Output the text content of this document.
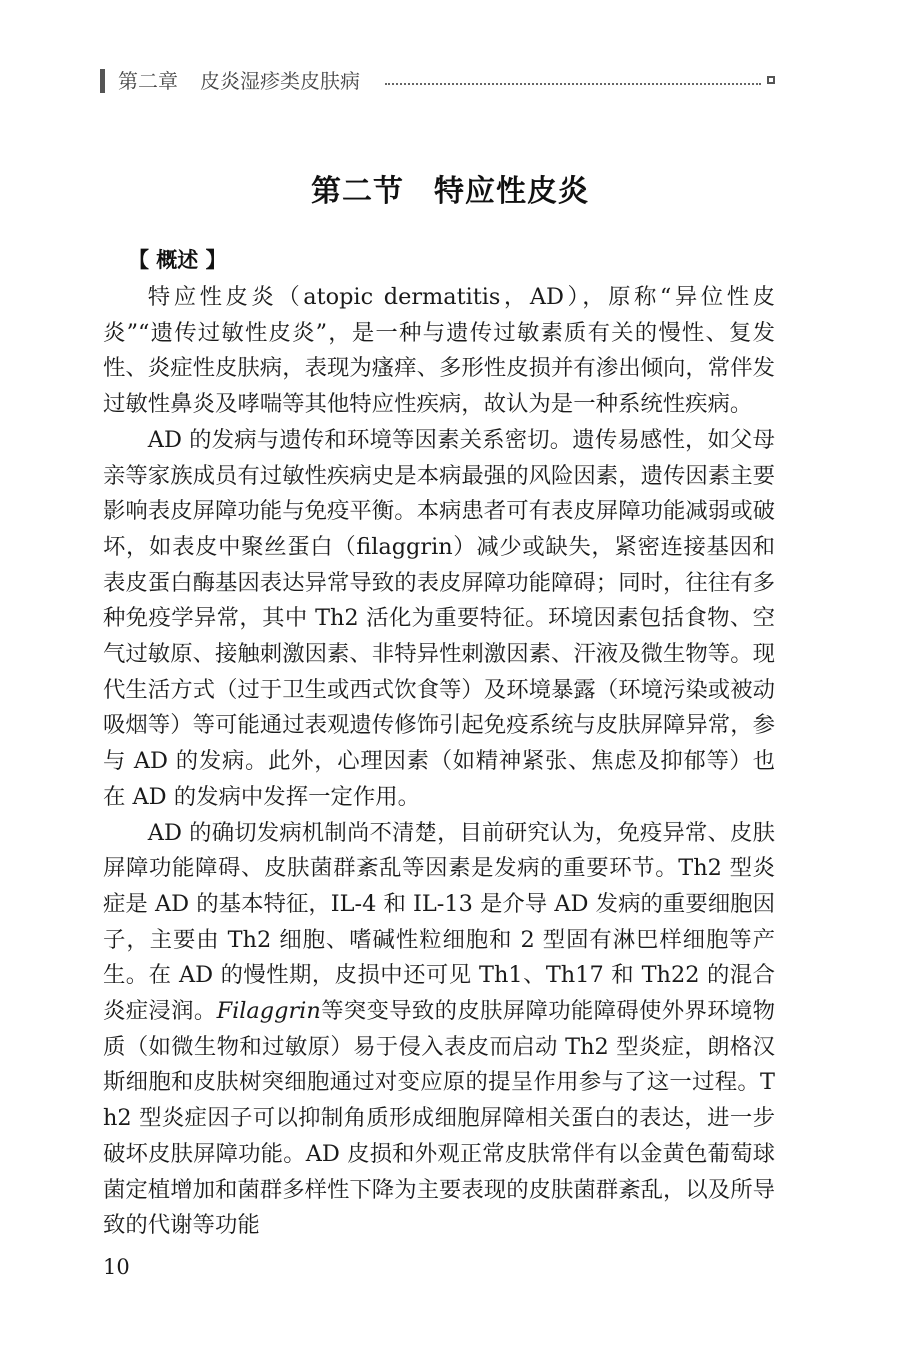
第二章 皮炎湿疹类皮肤病
第二节 特应性皮炎
【 概述 】

特应性皮炎（atopic dermatitis，AD），原称“异位性皮炎”“遗传过敏性皮炎”，是一种与遗传过敏素质有关的慢性、复发性、炎症性皮肤病，表现为瘙痒、多形性皮损并有渗出倾向，常伴发过敏性鼻炎及哮喘等其他特应性疾病，故认为是一种系统性疾病。

AD 的发病与遗传和环境等因素关系密切。遗传易感性，如父母亲等家族成员有过敏性疾病史是本病最强的风险因素，遗传因素主要影响表皮屏障功能与免疫平衡。本病患者可有表皮屏障功能减弱或破坏，如表皮中聚丝蛋白（filaggrin）减少或缺失，紧密连接基因和表皮蛋白酶基因表达异常导致的表皮屏障功能障碍；同时，往往有多种免疫学异常，其中 Th2 活化为重要特征。环境因素包括食物、空气过敏原、接触刺激因素、非特异性刺激因素、汗液及微生物等。现代生活方式（过于卫生或西式饮食等）及环境暴露（环境污染或被动吸烟等）等可能通过表观遗传修饰引起免疫系统与皮肤屏障异常，参与 AD 的发病。此外，心理因素（如精神紧张、焦虑及抑郁等）也在 AD 的发病中发挥一定作用。

AD 的确切发病机制尚不清楚，目前研究认为，免疫异常、皮肤屏障功能障碍、皮肤菌群紊乱等因素是发病的重要环节。Th2 型炎症是 AD 的基本特征，IL-4 和 IL-13 是介导 AD 发病的重要细胞因子，主要由 Th2 细胞、嗜碱性粒细胞和 2 型固有淋巴样细胞等产生。在 AD 的慢性期，皮损中还可见 Th1、Th17 和 Th22 的混合炎症浸润。Filaggrin等突变导致的皮肤屏障功能障碍使外界环境物质（如微生物和过敏原）易于侵入表皮而启动 Th2 型炎症，朗格汉斯细胞和皮肤树突细胞通过对变应原的提呈作用参与了这一过程。Th2 型炎症因子可以抑制角质形成细胞屏障相关蛋白的表达，进一步破坏皮肤屏障功能。AD 皮损和外观正常皮肤常伴有以金黄色葡萄球菌定植增加和菌群多样性下降为主要表现的皮肤菌群紊乱，以及所导致的代谢等功能

10
